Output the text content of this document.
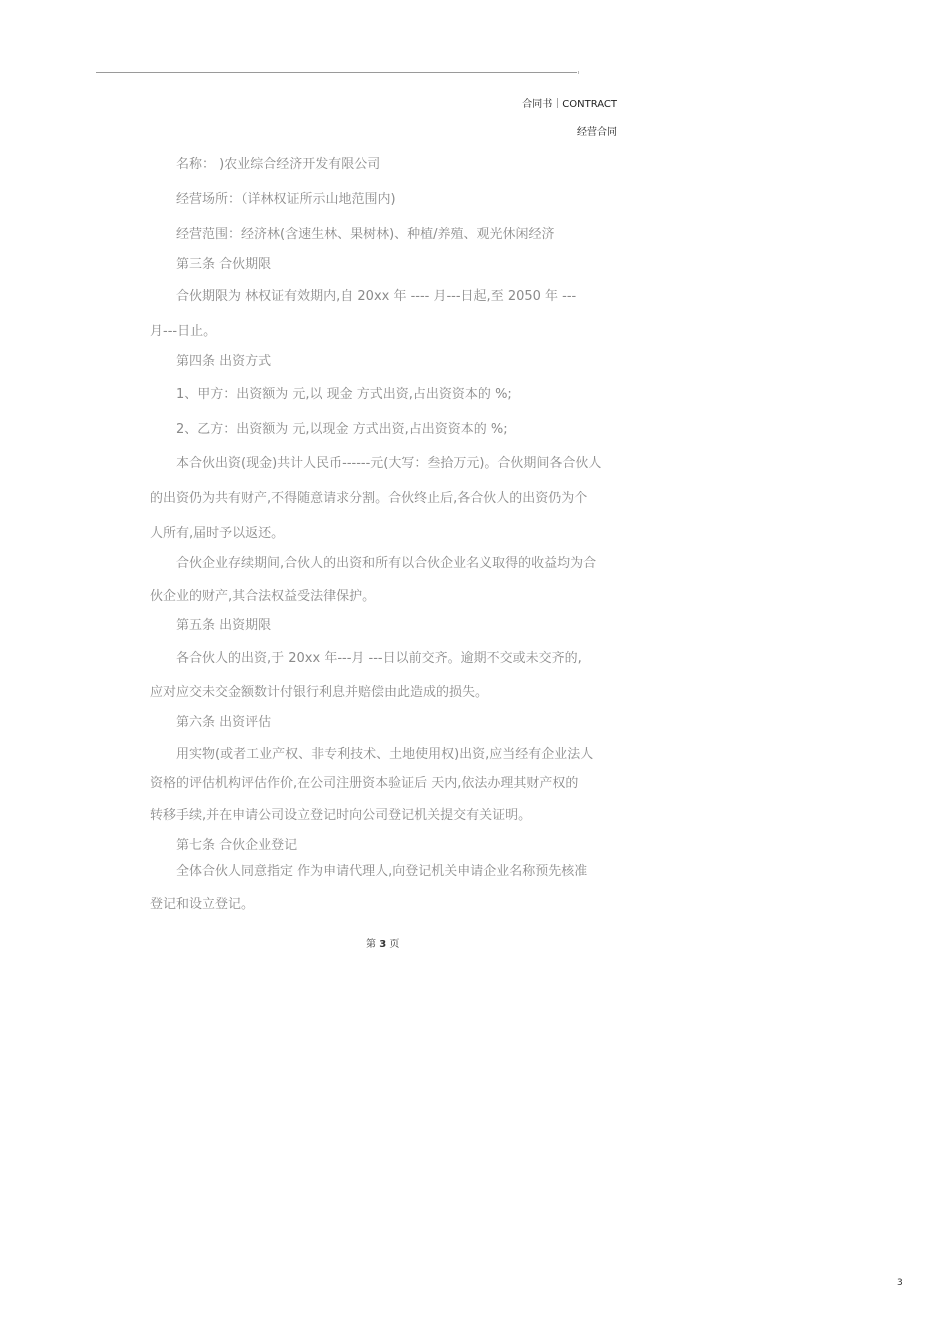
合同书｜CONTRACT
经营合同
名称： )农业综合经济开发有限公司
经营场所：（详林权证所示山地范围内)
经营范围：经济林(含速生林、果树林)、种植/养殖、观光休闲经济
第三条 合伙期限
合伙期限为 林权证有效期内,自 20xx 年 ---- 月---日起,至 2050 年 ---
月---日止。
第四条 出资方式
1、甲方：出资额为 元,以 现金 方式出资,占出资资本的 %;
2、乙方：出资额为 元,以现金 方式出资,占出资资本的 %;
本合伙出资(现金)共计人民币------元(大写：叁拾万元)。合伙期间各合伙人
的出资仍为共有财产,不得随意请求分割。合伙终止后,各合伙人的出资仍为个
人所有,届时予以返还。
合伙企业存续期间,合伙人的出资和所有以合伙企业名义取得的收益均为合
伙企业的财产,其合法权益受法律保护。
第五条 出资期限
各合伙人的出资,于 20xx 年---月 ---日以前交齐。逾期不交或未交齐的,
应对应交未交金额数计付银行利息并赔偿由此造成的损失。
第六条 出资评估
用实物(或者工业产权、非专利技术、土地使用权)出资,应当经有企业法人
资格的评估机构评估作价,在公司注册资本验证后 天内,依法办理其财产权的
转移手续,并在申请公司设立登记时向公司登记机关提交有关证明。
第七条 合伙企业登记
全体合伙人同意指定 作为申请代理人,向登记机关申请企业名称预先核准
登记和设立登记。
第 3 页
3
